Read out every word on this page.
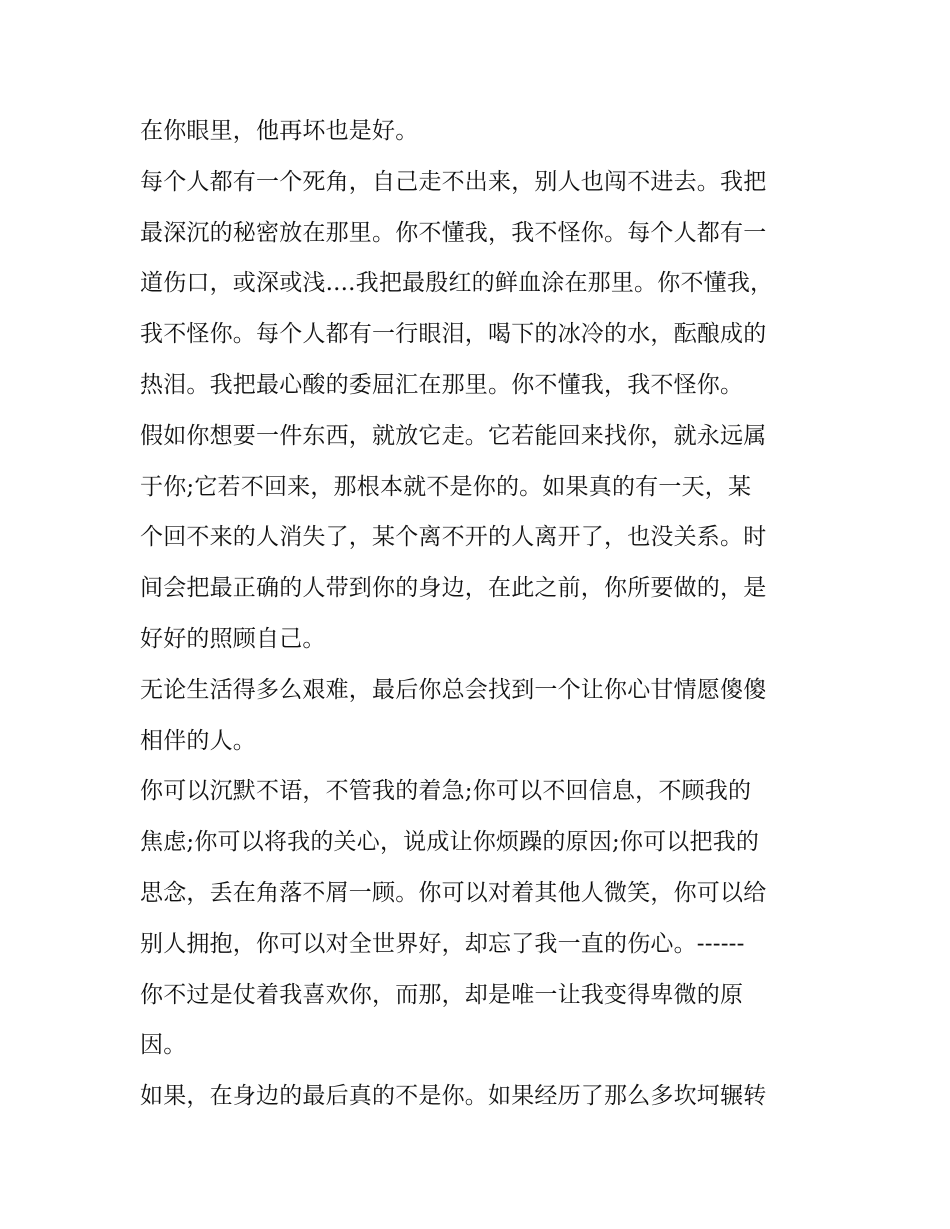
在你眼里，他再坏也是好。
每个人都有一个死角，自己走不出来，别人也闯不进去。我把
最深沉的秘密放在那里。你不懂我，我不怪你。每个人都有一
道伤口，或深或浅....我把最殷红的鲜血涂在那里。你不懂我，
我不怪你。每个人都有一行眼泪，喝下的冰冷的水，酝酿成的
热泪。我把最心酸的委屈汇在那里。你不懂我，我不怪你。
假如你想要一件东西，就放它走。它若能回来找你，就永远属
于你;它若不回来，那根本就不是你的。如果真的有一天，某
个回不来的人消失了，某个离不开的人离开了，也没关系。时
间会把最正确的人带到你的身边，在此之前，你所要做的，是
好好的照顾自己。
无论生活得多么艰难，最后你总会找到一个让你心甘情愿傻傻
相伴的人。
你可以沉默不语，不管我的着急;你可以不回信息，不顾我的
焦虑;你可以将我的关心，说成让你烦躁的原因;你可以把我的
思念，丢在角落不屑一顾。你可以对着其他人微笑，你可以给
别人拥抱，你可以对全世界好，却忘了我一直的伤心。------
你不过是仗着我喜欢你，而那，却是唯一让我变得卑微的原
因。
如果，在身边的最后真的不是你。如果经历了那么多坎坷辗转
